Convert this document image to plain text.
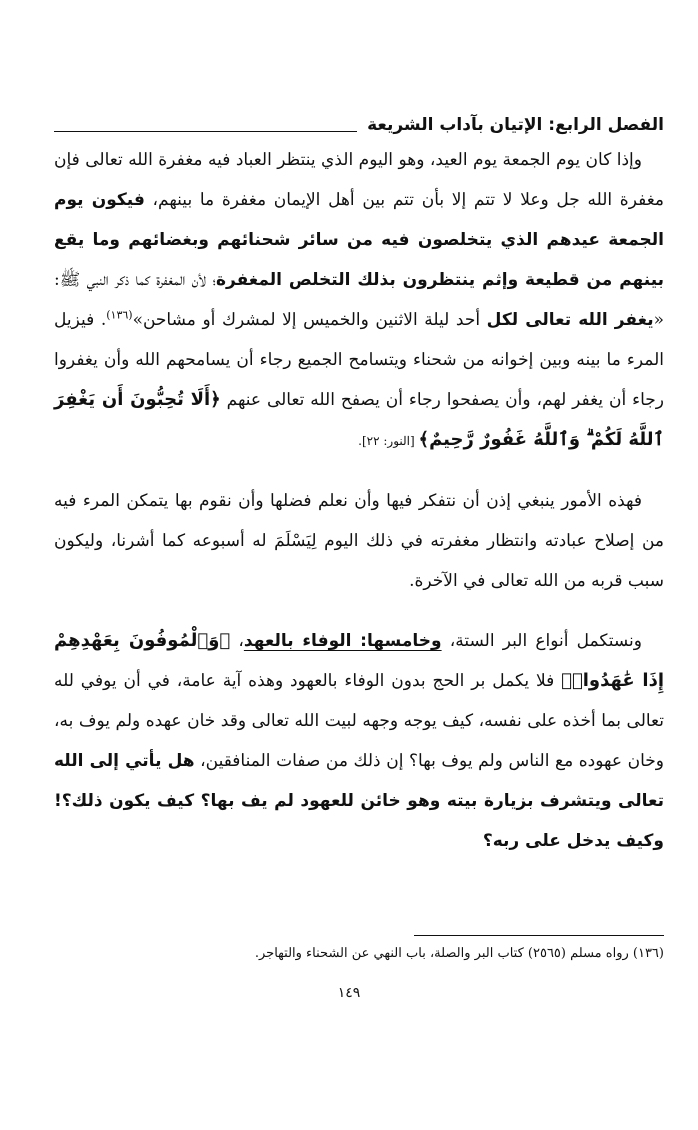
الفصل الرابع: الإتيان بآداب الشريعة

وإذا كان يوم الجمعة يوم العيد، وهو اليوم الذي ينتظر العباد فيه مغفرة الله تعالى فإن مغفرة الله جل وعلا لا تتم إلا بأن تتم بين أهل الإيمان مغفرة ما بينهم، فيكون يوم الجمعة عيدهم الذي يتخلصون فيه من سائر شحنائهم وبغضائهم وما يقع بينهم من قطيعة وإثم ينتظرون بذلك التخلص المغفرة؛ لأن المغفرة كما ذكر النبي ﷺ: «يغفر الله تعالى لكل أحد ليلة الاثنين والخميس إلا لمشرك أو مشاحن»$^{(١٣٦)}$. فيزيل المرء ما بينه وبين إخوانه من شحناء ويتسامح الجميع رجاء أن يسامحهم الله وأن يغفروا رجاء أن يغفر لهم، وأن يصفحوا رجاء أن يصفح الله تعالى عنهم ﴿أَلَا تُحِبُّونَ أَن يَغْفِرَ ٱللَّهُ لَكُمْ ۗ وَٱللَّهُ غَفُورٌ رَّحِيمٌ﴾ [النور: ٢٢].

فهذه الأمور ينبغي إذن أن نتفكر فيها وأن نعلم فضلها وأن نقوم بها يتمكن المرء فيه من إصلاح عبادته وانتظار مغفرته في ذلك اليوم لِيَسْلَمَ له أسبوعه كما أشرنا، وليكون سبب قربه من الله تعالى في الآخرة.

ونستكمل أنواع البر الستة، وخامسها: الوفاء بالعهد، ﴿وَٱلْمُوفُونَ بِعَهْدِهِمْ إِذَا عَٰهَدُوا۟﴾ فلا يكمل بر الحج بدون الوفاء بالعهود وهذه آية عامة، في أن يوفي لله تعالى بما أخذه على نفسه، كيف يوجه وجهه لبيت الله تعالى وقد خان عهده ولم يوف به، وخان عهوده مع الناس ولم يوف بها؟ إن ذلك من صفات المنافقين، هل يأتي إلى الله تعالى ويتشرف بزيارة بيته وهو خائن للعهود لم يف بها؟ كيف يكون ذلك؟! وكيف يدخل على ربه؟

(١٣٦) رواه مسلم (٢٥٦٥) كتاب البر والصلة، باب النهي عن الشحناء والتهاجر.
١٤٩
